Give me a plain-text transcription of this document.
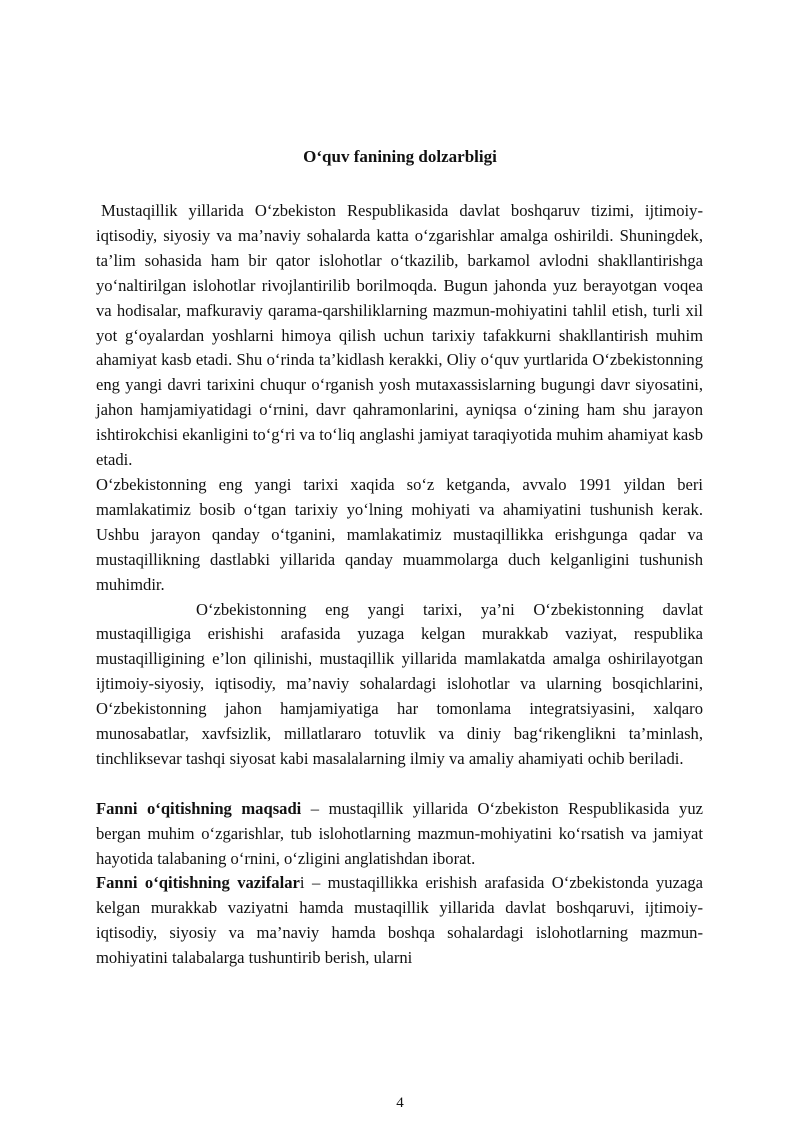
O‘quv fanining dolzarbligi

Mustaqillik yillarida O‘zbekiston Respublikasida davlat boshqaruv tizimi, ijtimoiy-iqtisodiy, siyosiy va ma’naviy sohalarda katta o‘zgarishlar amalga oshirildi. Shuningdek, ta’lim sohasida ham bir qator islohotlar o‘tkazilib, barkamol avlodni shakllantirishga yo‘naltirilgan islohotlar rivojlantirilib borilmoqda. Bugun jahonda yuz berayotgan voqea va hodisalar, mafkuraviy qarama-qarshiliklarning mazmun-mohiyatini tahlil etish, turli xil yot g‘oyalardan yoshlarni himoya qilish uchun tarixiy tafakkurni shakllantirish muhim ahamiyat kasb etadi. Shu o‘rinda ta’kidlash kerakki, Oliy o‘quv yurtlarida O‘zbekistonning eng yangi davri tarixini chuqur o‘rganish yosh mutaxassislarning bugungi davr siyosatini, jahon hamjamiyatidagi o‘rnini, davr qahramonlarini, ayniqsa o‘zining ham shu jarayon ishtirokchisi ekanligini to‘g‘ri va to‘liq anglashi jamiyat taraqiyotida muhim ahamiyat kasb etadi.

O‘zbekistonning eng yangi tarixi xaqida so‘z ketganda, avvalo 1991 yildan beri mamlakatimiz bosib o‘tgan tarixiy yo‘lning mohiyati va ahamiyatini tushunish kerak. Ushbu jarayon qanday o‘tganini, mamlakatimiz mustaqillikka erishgunga qadar va mustaqillikning dastlabki yillarida qanday muammolarga duch kelganligini tushunish muhimdir.

O‘zbekistonning eng yangi tarixi, ya’ni O‘zbekistonning davlat mustaqilligiga erishishi arafasida yuzaga kelgan murakkab vaziyat, respublika mustaqilligining e’lon qilinishi, mustaqillik yillarida mamlakatda amalga oshirilayotgan ijtimoiy-siyosiy, iqtisodiy, ma’naviy sohalardagi islohotlar va ularning bosqichlarini, O‘zbekistonning jahon hamjamiyatiga har tomonlama integratsiyasini, xalqaro munosabatlar, xavfsizlik, millatlararo totuvlik va diniy bag‘rikenglikni ta’minlash, tinchliksevar tashqi siyosat kabi masalalarning ilmiy va amaliy ahamiyati ochib beriladi.

Fanni o‘qitishning maqsadi – mustaqillik yillarida O‘zbekiston Respublikasida yuz bergan muhim o‘zgarishlar, tub islohotlarning mazmun-mohiyatini ko‘rsatish va jamiyat hayotida talabaning o‘rnini, o‘zligini anglatishdan iborat.

Fanni o‘qitishning vazifalari – mustaqillikka erishish arafasida O‘zbekistonda yuzaga kelgan murakkab vaziyatni hamda mustaqillik yillarida davlat boshqaruvi, ijtimoiy-iqtisodiy, siyosiy va ma’naviy hamda boshqa sohalardagi islohotlarning mazmun-mohiyatini talabalarga tushuntirib berish, ularni

4
